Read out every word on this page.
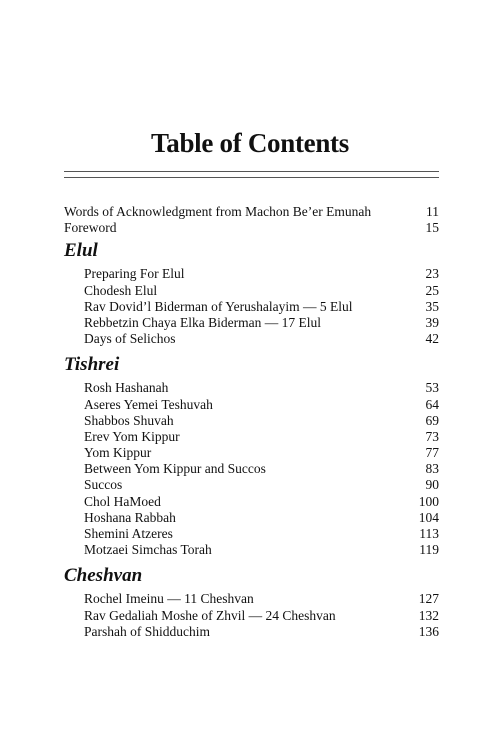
Table of Contents
Words of Acknowledgment from Machon Be’er Emunah	11
Foreword	15
Elul
Preparing For Elul	23
Chodesh Elul	25
Rav Dovid’l Biderman of Yerushalayim — 5 Elul	35
Rebbetzin Chaya Elka Biderman — 17 Elul	39
Days of Selichos	42
Tishrei
Rosh Hashanah	53
Aseres Yemei Teshuvah	64
Shabbos Shuvah	69
Erev Yom Kippur	73
Yom Kippur	77
Between Yom Kippur and Succos	83
Succos	90
Chol HaMoed	100
Hoshana Rabbah	104
Shemini Atzeres	113
Motzaei Simchas Torah	119
Cheshvan
Rochel Imeinu — 11 Cheshvan	127
Rav Gedaliah Moshe of Zhvil — 24 Cheshvan	132
Parshah of Shidduchim	136
